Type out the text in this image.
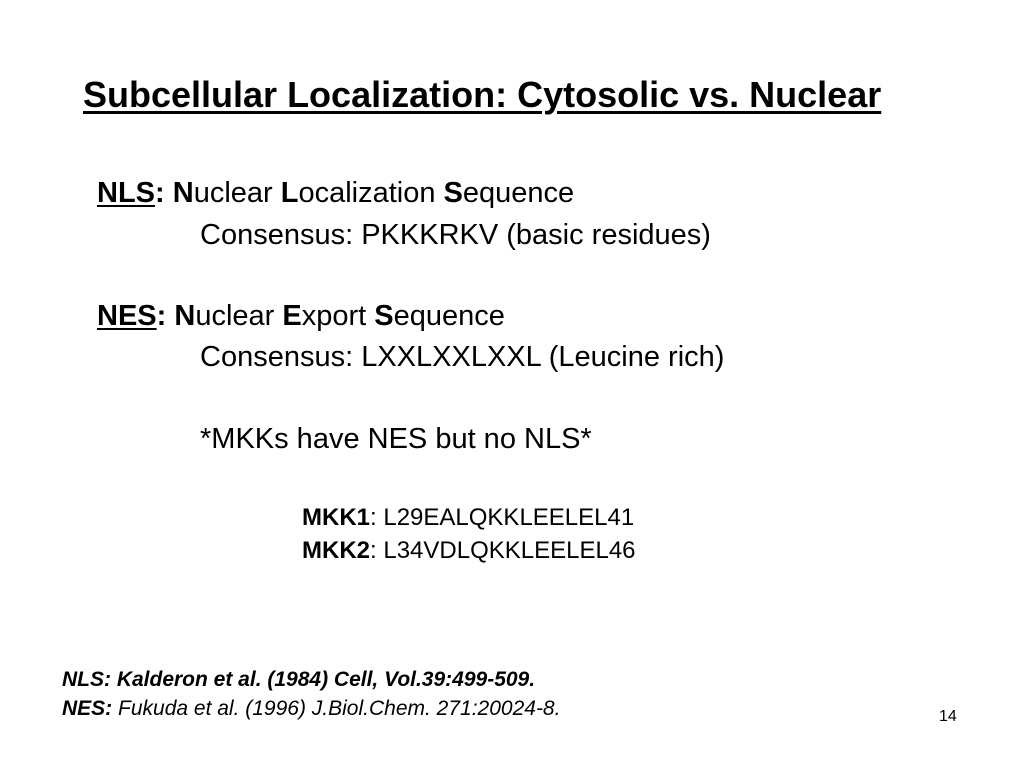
Subcellular Localization: Cytosolic vs. Nuclear
NLS: Nuclear Localization Sequence
Consensus: PKKKRKV (basic residues)
NES: Nuclear Export Sequence
Consensus: LXXLXXLXXL (Leucine rich)
*MKKs have NES but no NLS*
MKK1: L29EALQKKLEELEL41
MKK2: L34VDLQKKLEELEL46
NLS: Kalderon et al. (1984) Cell, Vol.39:499-509.
NES: Fukuda et al. (1996) J.Biol.Chem. 271:20024-8.	14
